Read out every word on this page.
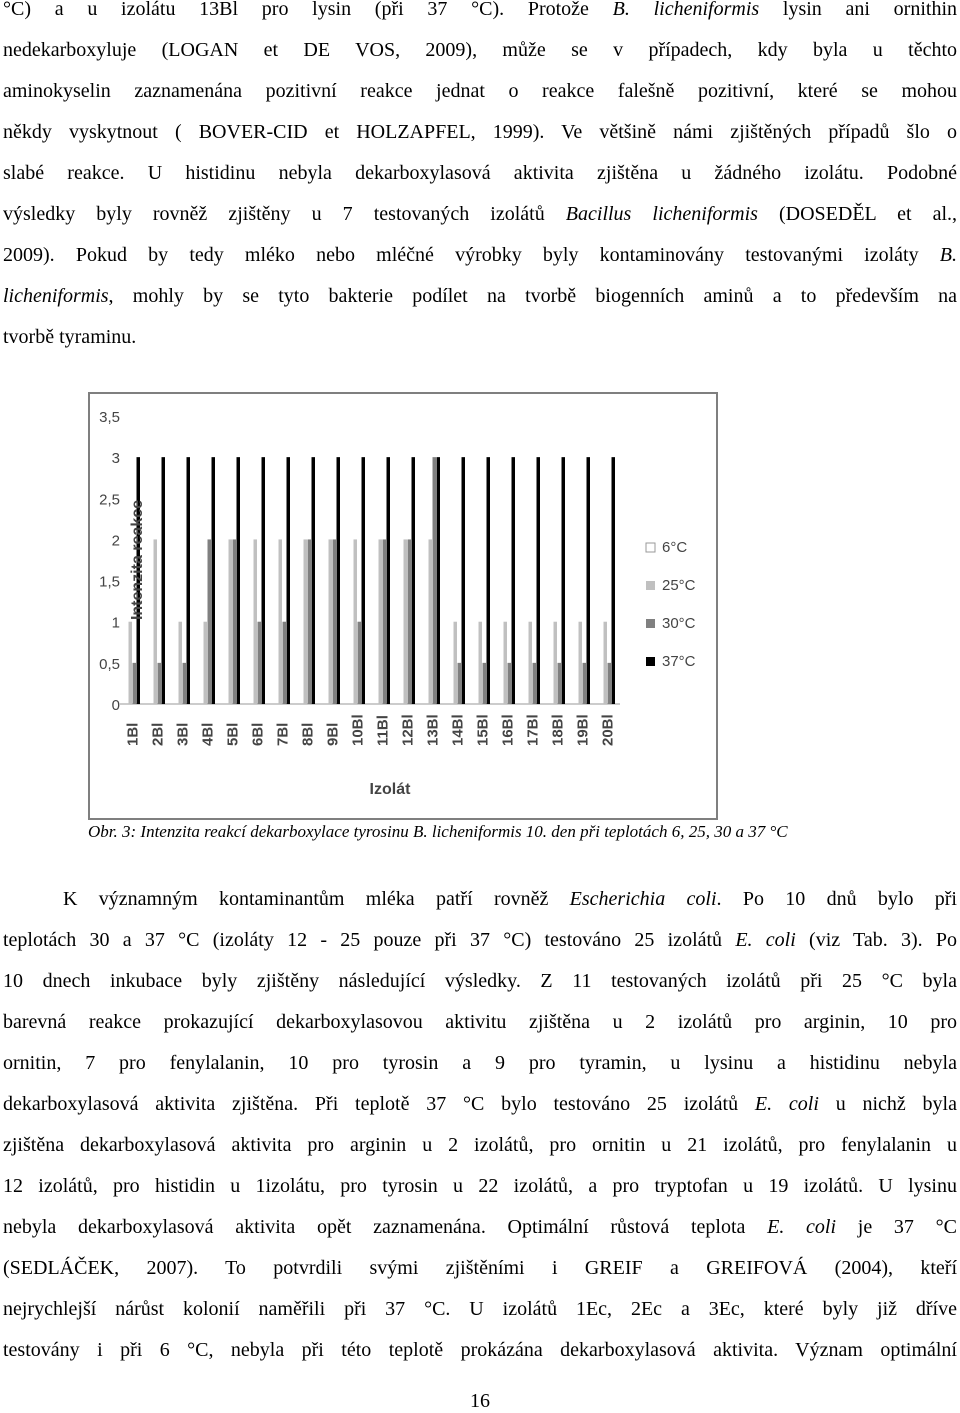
°C) a u izolátu 13Bl pro lysin (při 37 °C). Protože B. licheniformis lysin ani ornithin
nedekarboxyluje (LOGAN et DE VOS, 2009), může se v případech, kdy byla u těchto
aminokyselin zaznamenána pozitivní reakce jednat o reakce falešně pozitivní, které se mohou
někdy vyskytnout ( BOVER-CID et HOLZAPFEL, 1999). Ve většině námi zjištěných případů šlo o
slabé reakce. U histidinu nebyla dekarboxylasová aktivita zjištěna u žádného izolátu. Podobné
výsledky byly rovněž zjištěny u 7 testovaných izolátů Bacillus licheniformis (DOSEDĚL et al.,
2009). Pokud by tedy mléko nebo mléčné výrobky byly kontaminovány testovanými izoláty B.
licheniformis, mohly by se tyto bakterie podílet na tvorbě biogenních aminů a to především na
tvorbě tyraminu.
0
0,5
1
1,5
2
2,5
3
3,5
1Bl 2Bl 3Bl 4Bl 5Bl 6Bl 7Bl 8Bl 9Bl 10Bl 11Bl 12Bl 13Bl 14Bl 15Bl 16Bl 17Bl 18Bl 19Bl 20Bl
Izolát
Intenzita reakce	6°C
25°C
30°C
37°C
Obr. 3: Intenzita reakcí dekarboxylace tyrosinu B. licheniformis 10. den při teplotách 6, 25, 30 a 37 °C
K významným kontaminantům mléka patří rovněž Escherichia coli. Po 10 dnů bylo při
teplotách 30 a 37 °C (izoláty 12 - 25 pouze při 37 °C) testováno 25 izolátů E. coli (viz Tab. 3). Po
10 dnech inkubace byly zjištěny následující výsledky. Z 11 testovaných izolátů při 25 °C byla
barevná reakce prokazující dekarboxylasovou aktivitu zjištěna u 2 izolátů pro arginin, 10 pro
ornitin, 7 pro fenylalanin, 10 pro tyrosin a 9 pro tyramin, u lysinu a histidinu nebyla
dekarboxylasová aktivita zjištěna. Při teplotě 37 °C bylo testováno 25 izolátů E. coli u nichž byla
zjištěna dekarboxylasová aktivita pro arginin u 2 izolátů, pro ornitin u 21 izolátů, pro fenylalanin u
12 izolátů, pro histidin u 1izolátu, pro tyrosin u 22 izolátů, a pro tryptofan u 19 izolátů. U lysinu
nebyla dekarboxylasová aktivita opět zaznamenána. Optimální růstová teplota E. coli je 37 °C
(SEDLÁČEK, 2007). To potvrdili svými zjištěními i GREIF a GREIFOVÁ (2004), kteří
nejrychlejší nárůst kolonií naměřili při 37 °C. U izolátů 1Ec, 2Ec a 3Ec, které byly již dříve
testovány i při 6 °C, nebyla při této teplotě prokázána dekarboxylasová aktivita. Význam optimální
16
